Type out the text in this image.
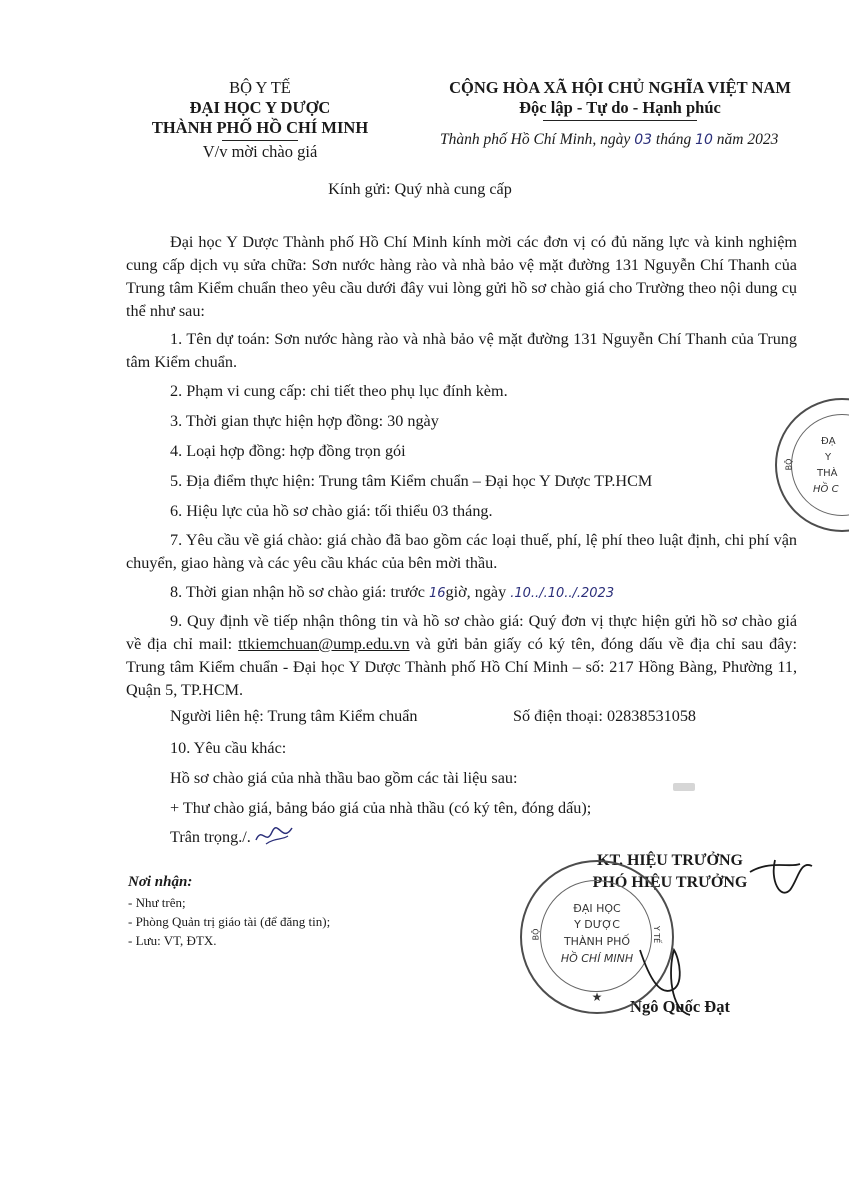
BỘ Y TẾ
ĐẠI HỌC Y DƯỢC
THÀNH PHỐ HỒ CHÍ MINH
V/v mời chào giá
CỘNG HÒA XÃ HỘI CHỦ NGHĨA VIỆT NAM
Độc lập - Tự do - Hạnh phúc
Thành phố Hồ Chí Minh, ngày 03 tháng 10 năm 2023
Kính gửi: Quý nhà cung cấp
Đại học Y Dược Thành phố Hồ Chí Minh kính mời các đơn vị có đủ năng lực và kinh nghiệm cung cấp dịch vụ sửa chữa: Sơn nước hàng rào và nhà bảo vệ mặt đường 131 Nguyễn Chí Thanh của Trung tâm Kiểm chuẩn theo yêu cầu dưới đây vui lòng gửi hồ sơ chào giá cho Trường theo nội dung cụ thể như sau:
1. Tên dự toán: Sơn nước hàng rào và nhà bảo vệ mặt đường 131 Nguyễn Chí Thanh của Trung tâm Kiểm chuẩn.
2. Phạm vi cung cấp: chi tiết theo phụ lục đính kèm.
3. Thời gian thực hiện hợp đồng: 30 ngày
4. Loại hợp đồng: hợp đồng trọn gói
5. Địa điểm thực hiện: Trung tâm Kiểm chuẩn – Đại học Y Dược TP.HCM
6. Hiệu lực của hồ sơ chào giá: tối thiểu 03 tháng.
7. Yêu cầu về giá chào: giá chào đã bao gồm các loại thuế, phí, lệ phí theo luật định, chi phí vận chuyển, giao hàng và các yêu cầu khác của bên mời thầu.
8. Thời gian nhận hồ sơ chào giá: trước 16giờ, ngày .10../.10../.2023
9. Quy định về tiếp nhận thông tin và hồ sơ chào giá: Quý đơn vị thực hiện gửi hồ sơ chào giá về địa chỉ mail: ttkiemchuan@ump.edu.vn và gửi bản giấy có ký tên, đóng dấu về địa chỉ sau đây: Trung tâm Kiểm chuẩn - Đại học Y Dược Thành phố Hồ Chí Minh – số: 217 Hồng Bàng, Phường 11, Quận 5, TP.HCM.
Người liên hệ: Trung tâm Kiểm chuẩn	Số điện thoại: 02838531058
10. Yêu cầu khác:
Hồ sơ chào giá của nhà thầu bao gồm các tài liệu sau:
+ Thư chào giá, bảng báo giá của nhà thầu (có ký tên, đóng dấu);
Trân trọng./.
Nơi nhận:
- Như trên;
- Phòng Quản trị giáo tài (để đăng tin);
- Lưu: VT, ĐTX.
KT. HIỆU TRƯỞNG
PHÓ HIỆU TRƯỞNG
Ngô Quốc Đạt
ĐẠI HỌC
Y DƯỢC
THÀNH PHỐ
HỒ CHÍ MINH
BỘ	Y TẾ
★
ĐẠ
Y
THÀ
HỒ C
BỘ
